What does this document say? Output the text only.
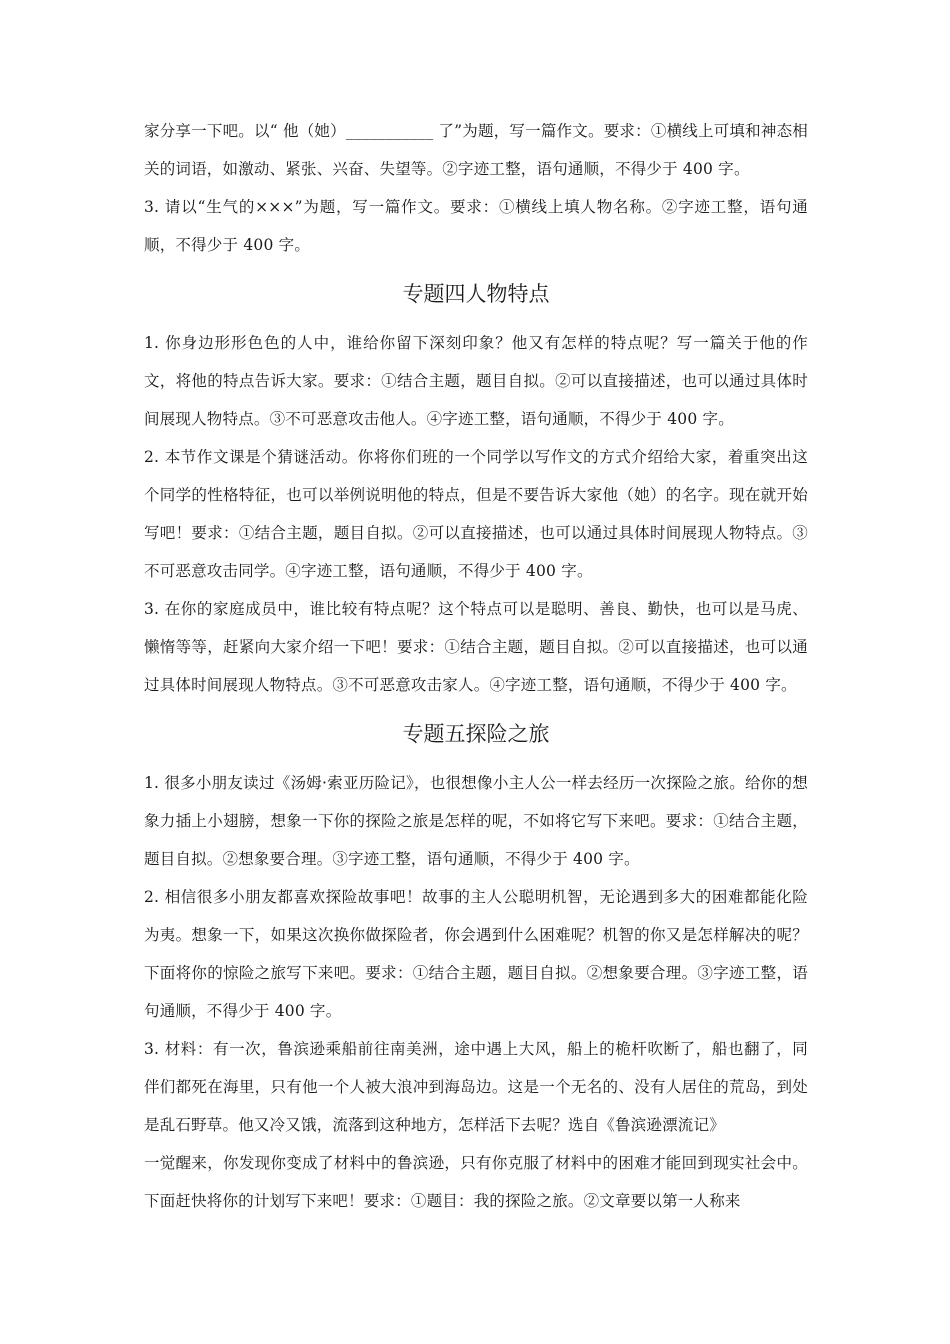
家分享一下吧。以“ 他（她）___________ 了”为题，写一篇作文。要求：①横线上可填和神态相关的词语，如激动、紧张、兴奋、失望等。②字迹工整，语句通顺，不得少于 400 字。

3. 请以“生气的×××”为题，写一篇作文。要求：①横线上填人物名称。②字迹工整，语句通顺，不得少于 400 字。

专题四人物特点

1. 你身边形形色色的人中，谁给你留下深刻印象？他又有怎样的特点呢？写一篇关于他的作文，将他的特点告诉大家。要求：①结合主题，题目自拟。②可以直接描述，也可以通过具体时间展现人物特点。③不可恶意攻击他人。④字迹工整，语句通顺，不得少于 400 字。

2. 本节作文课是个猜谜活动。你将你们班的一个同学以写作文的方式介绍给大家，着重突出这个同学的性格特征，也可以举例说明他的特点，但是不要告诉大家他（她）的名字。现在就开始写吧！要求：①结合主题，题目自拟。②可以直接描述，也可以通过具体时间展现人物特点。③不可恶意攻击同学。④字迹工整，语句通顺，不得少于 400 字。

3. 在你的家庭成员中，谁比较有特点呢？这个特点可以是聪明、善良、勤快，也可以是马虎、懒惰等等，赶紧向大家介绍一下吧！要求：①结合主题，题目自拟。②可以直接描述，也可以通过具体时间展现人物特点。③不可恶意攻击家人。④字迹工整，语句通顺，不得少于 400 字。

专题五探险之旅

1. 很多小朋友读过《汤姆·索亚历险记》，也很想像小主人公一样去经历一次探险之旅。给你的想象力插上小翅膀，想象一下你的探险之旅是怎样的呢，不如将它写下来吧。要求：①结合主题，题目自拟。②想象要合理。③字迹工整，语句通顺，不得少于 400 字。

2. 相信很多小朋友都喜欢探险故事吧！故事的主人公聪明机智，无论遇到多大的困难都能化险为夷。想象一下，如果这次换你做探险者，你会遇到什么困难呢？机智的你又是怎样解决的呢？下面将你的惊险之旅写下来吧。要求：①结合主题，题目自拟。②想象要合理。③字迹工整，语句通顺，不得少于 400 字。

3. 材料：有一次，鲁滨逊乘船前往南美洲，途中遇上大风，船上的桅杆吹断了，船也翻了，同伴们都死在海里，只有他一个人被大浪冲到海岛边。这是一个无名的、没有人居住的荒岛，到处是乱石野草。他又冷又饿，流落到这种地方，怎样活下去呢？选自《鲁滨逊漂流记》

一觉醒来，你发现你变成了材料中的鲁滨逊，只有你克服了材料中的困难才能回到现实社会中。下面赶快将你的计划写下来吧！要求：①题目：我的探险之旅。②文章要以第一人称来
